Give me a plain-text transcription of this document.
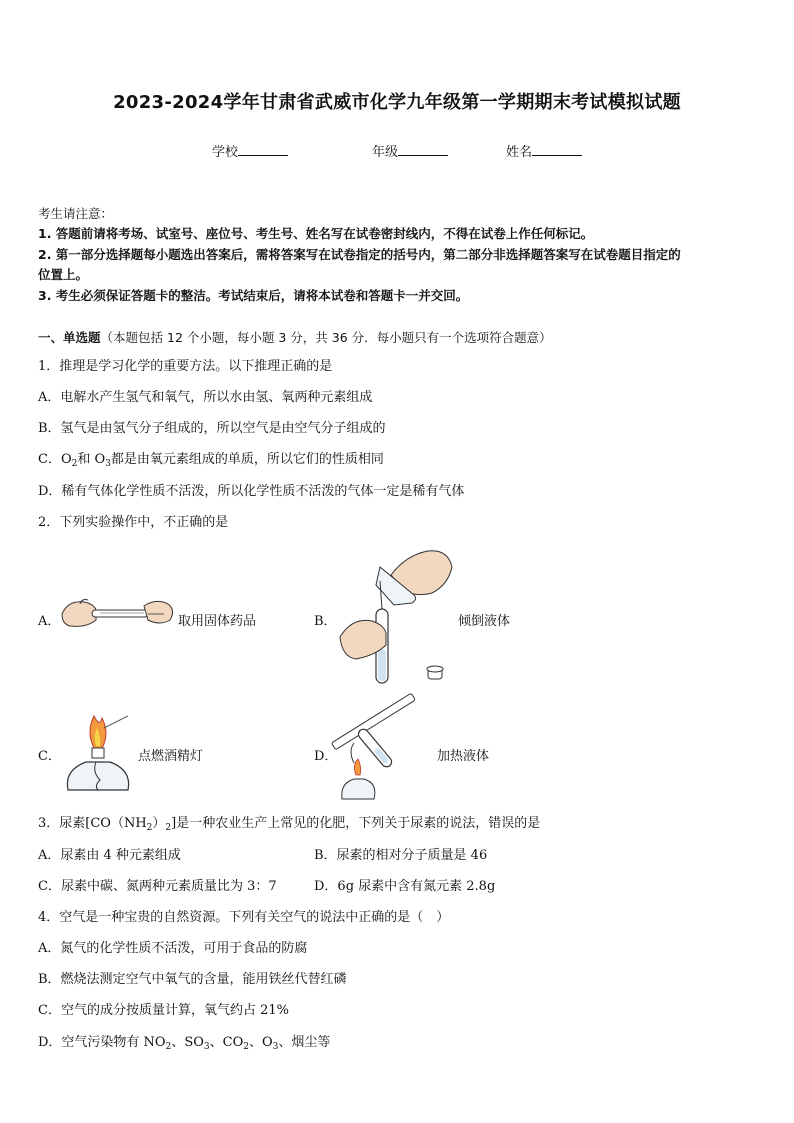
2023-2024学年甘肃省武威市化学九年级第一学期期末考试模拟试题
学校	年级	姓名
考生请注意：
1. 答题前请将考场、试室号、座位号、考生号、姓名写在试卷密封线内，不得在试卷上作任何标记。
2. 第一部分选择题每小题选出答案后，需将答案写在试卷指定的括号内，第二部分非选择题答案写在试卷题目指定的
位置上。
3. 考生必须保证答题卡的整洁。考试结束后，请将本试卷和答题卡一并交回。
一、单选题（本题包括 12 个小题，每小题 3 分，共 36 分．每小题只有一个选项符合题意）
1．推理是学习化学的重要方法。以下推理正确的是
A．电解水产生氢气和氧气，所以水由氢、氧两种元素组成
B．氢气是由氢气分子组成的，所以空气是由空气分子组成的
C．$O_2$和 $O_3$都是由氧元素组成的单质，所以它们的性质相同
D．稀有气体化学性质不活泼，所以化学性质不活泼的气体一定是稀有气体
2．下列实验操作中，不正确的是
A．	取用固体药品	B．	倾倒液体
C．	点燃酒精灯	D．	加热液体
3．尿素$[CO(NH_2)_2]$是一种农业生产上常见的化肥，下列关于尿素的说法，错误的是
A．尿素由 4 种元素组成	B．尿素的相对分子质量是 46
C．尿素中碳、氮两种元素质量比为 3：7	D．6g 尿素中含有氮元素 2.8g
4．空气是一种宝贵的自然资源。下列有关空气的说法中正确的是（　）
A．氮气的化学性质不活泼，可用于食品的防腐
B．燃烧法测定空气中氧气的含量，能用铁丝代替红磷
C．空气的成分按质量计算，氧气约占 21%
D．空气污染物有 $NO_2$、$SO_3$、$CO_2$、$O_3$、烟尘等
